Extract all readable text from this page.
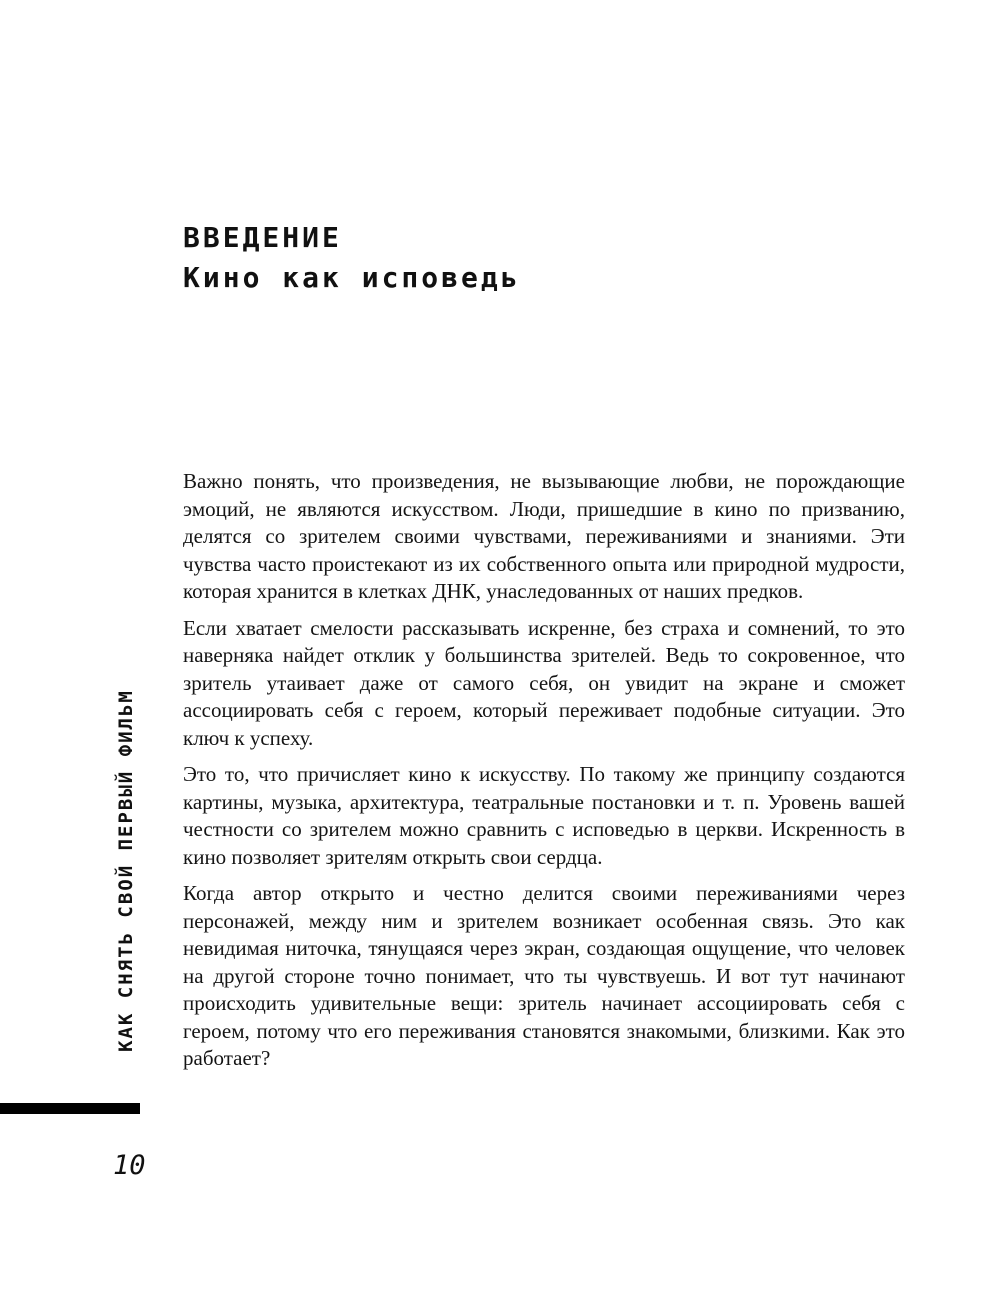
ВВЕДЕНИЕ
Кино как исповедь

Важно понять, что произведения, не вызывающие любви, не порождающие эмоций, не являются искусством. Люди, пришедшие в кино по призванию, делятся со зрителем своими чувствами, переживаниями и знаниями. Эти чувства часто проистекают из их собственного опыта или природной мудрости, которая хранится в клетках ДНК, унаследованных от наших предков.

Если хватает смелости рассказывать искренне, без страха и сомнений, то это наверняка найдет отклик у большинства зрителей. Ведь то сокровенное, что зритель утаивает даже от самого себя, он увидит на экране и сможет ассоциировать себя с героем, который переживает подобные ситуации. Это ключ к успеху.

Это то, что причисляет кино к искусству. По такому же принципу создаются картины, музыка, архитектура, театральные постановки и т. п. Уровень вашей честности со зрителем можно сравнить с исповедью в церкви. Искренность в кино позволяет зрителям открыть свои сердца.

Когда автор открыто и честно делится своими переживаниями через персонажей, между ним и зрителем возникает особенная связь. Это как невидимая ниточка, тянущаяся через экран, создающая ощущение, что человек на другой стороне точно понимает, что ты чувствуешь. И вот тут начинают происходить удивительные вещи: зритель начинает ассоциировать себя с героем, потому что его переживания становятся знакомыми, близкими. Как это работает?

КАК СНЯТЬ СВОЙ ПЕРВЫЙ ФИЛЬМ
10
